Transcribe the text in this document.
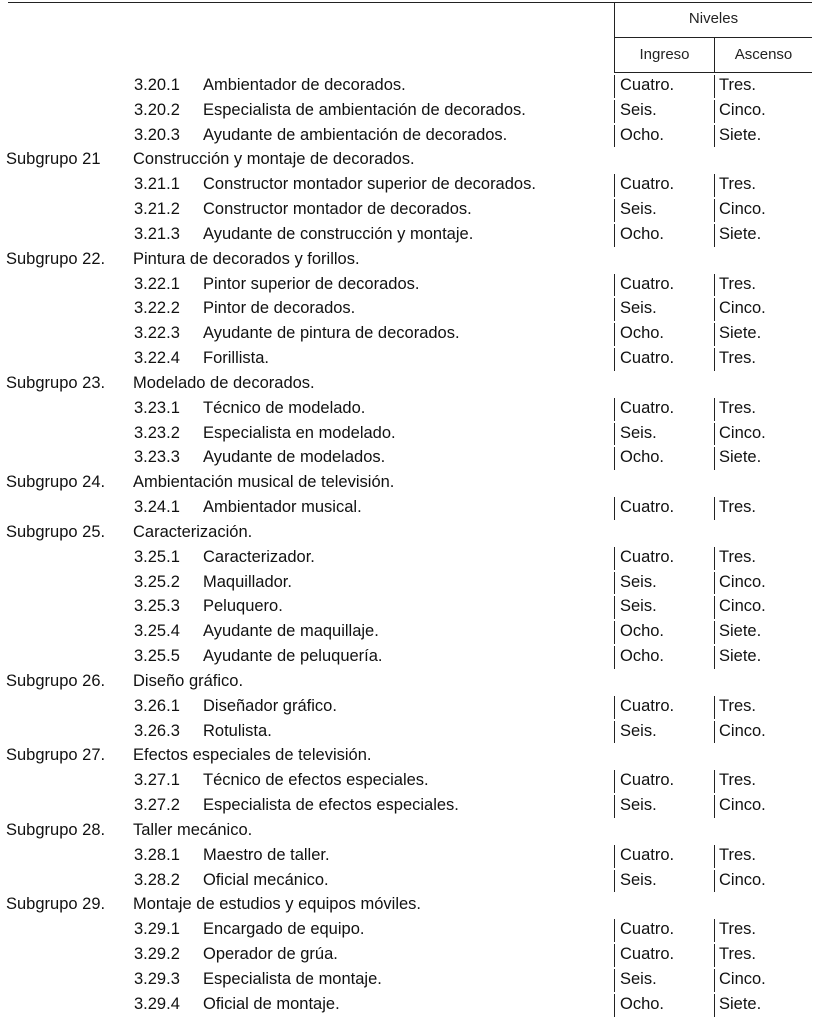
Niveles
Ingreso	Ascenso
3.20.1 Ambientador de decorados.	Cuatro.	Tres.
3.20.2 Especialista de ambientación de decorados.	Seis.	Cinco.
3.20.3 Ayudante de ambientación de decorados.	Ocho.	Siete.
Subgrupo 21 Construcción y montaje de decorados.
3.21.1 Constructor montador superior de decorados.	Cuatro.	Tres.
3.21.2 Constructor montador de decorados.	Seis.	Cinco.
3.21.3 Ayudante de construcción y montaje.	Ocho.	Siete.
Subgrupo 22. Pintura de decorados y forillos.
3.22.1 Pintor superior de decorados.	Cuatro.	Tres.
3.22.2 Pintor de decorados.	Seis.	Cinco.
3.22.3 Ayudante de pintura de decorados.	Ocho.	Siete.
3.22.4 Forillista.	Cuatro.	Tres.
Subgrupo 23. Modelado de decorados.
3.23.1 Técnico de modelado.	Cuatro.	Tres.
3.23.2 Especialista en modelado.	Seis.	Cinco.
3.23.3 Ayudante de modelados.	Ocho.	Siete.
Subgrupo 24. Ambientación musical de televisión.
3.24.1 Ambientador musical.	Cuatro.	Tres.
Subgrupo 25. Caracterización.
3.25.1 Caracterizador.	Cuatro.	Tres.
3.25.2 Maquillador.	Seis.	Cinco.
3.25.3 Peluquero.	Seis.	Cinco.
3.25.4 Ayudante de maquillaje.	Ocho.	Siete.
3.25.5 Ayudante de peluquería.	Ocho.	Siete.
Subgrupo 26. Diseño gráfico.
3.26.1 Diseñador gráfico.	Cuatro.	Tres.
3.26.3 Rotulista.	Seis.	Cinco.
Subgrupo 27. Efectos especiales de televisión.
3.27.1 Técnico de efectos especiales.	Cuatro.	Tres.
3.27.2 Especialista de efectos especiales.	Seis.	Cinco.
Subgrupo 28. Taller mecánico.
3.28.1 Maestro de taller.	Cuatro.	Tres.
3.28.2 Oficial mecánico.	Seis.	Cinco.
Subgrupo 29. Montaje de estudios y equipos móviles.
3.29.1 Encargado de equipo.	Cuatro.	Tres.
3.29.2 Operador de grúa.	Cuatro.	Tres.
3.29.3 Especialista de montaje.	Seis.	Cinco.
3.29.4 Oficial de montaje.	Ocho.	Siete.
